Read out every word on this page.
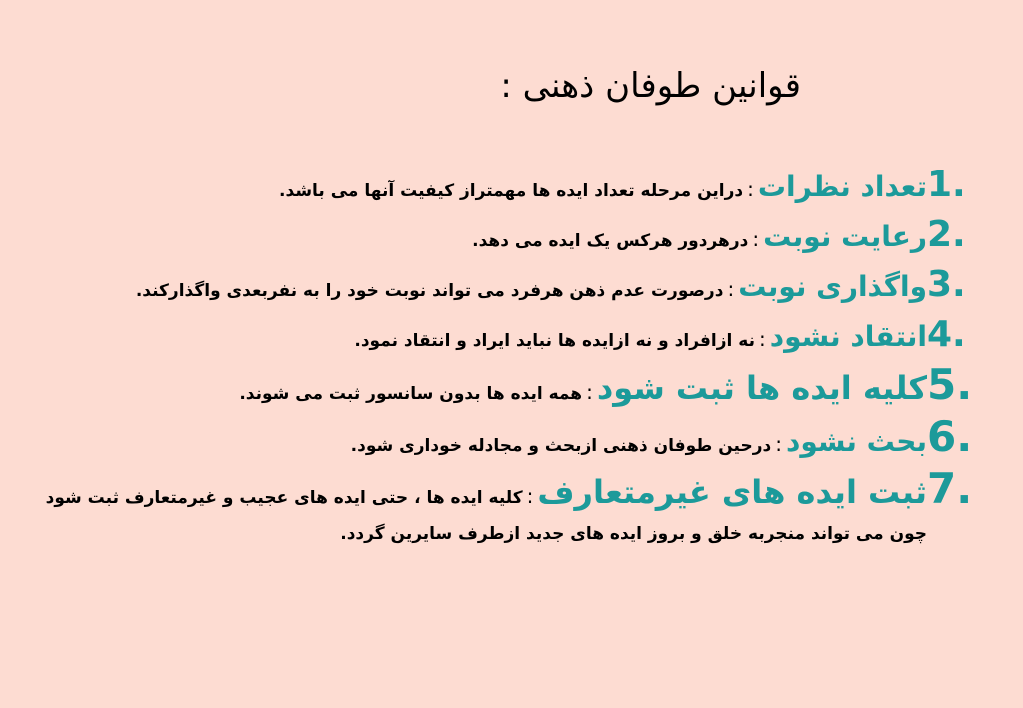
قوانین طوفان ذهنی :
1.
تعداد نظرات:دراین مرحله تعداد ایده ها مهمتراز کیفیت آنها می باشد.
2.
رعایت نوبت:درهردور هرکس یک ایده می دهد.
3.
واگذاری نوبت:درصورت عدم ذهن هرفرد می تواند نوبت خود را به نفربعدی واگذارکند.
4.
انتقاد نشود:نه ازافراد و نه ازایده ها نباید ایراد و انتقاد نمود.
5.
کلیه ایده ها ثبت شود:همه ایده ها بدون سانسور ثبت می شوند.
6.
بحث نشود:درحین طوفان ذهنی ازبحث و مجادله خوداری شود.
7.
ثبت ایده های غیرمتعارف:کلیه ایده ها ، حتی ایده های عجیب و غیرمتعارف ثبت شود چون می تواند منجربه خلق و بروز ایده های جدید ازطرف سایرین گردد.
